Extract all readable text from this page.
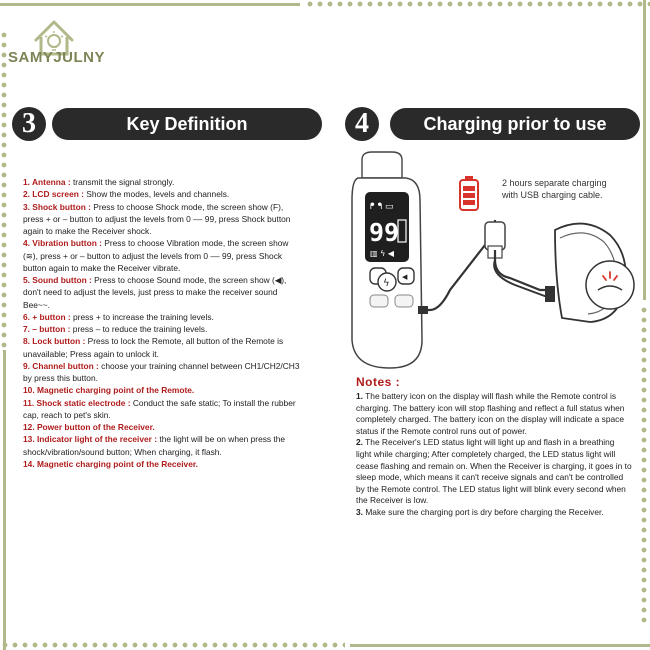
SAMYJULNY
3	Key Definition	4	Charging prior to use

1. Antenna : transmit the signal strongly.

2. LCD screen : Show the modes, levels and channels.

3. Shock button : Press to choose Shock mode, the screen show (F), press + or – button to adjust the levels from 0 –– 99, press Shock button again to make the Receiver shock.

4. Vibration button : Press to choose Vibration mode, the screen show (≋), press + or – button to adjust the levels from 0 –– 99, press Shock button again to make the Receiver vibrate.

5. Sound button : Press to choose Sound mode, the screen show (◀), don't need to adjust the levels, just press to make the receiver sound Bee~~.

6. + button : press + to increase the training levels.

7. – button : press – to reduce the training levels.

8. Lock button : Press to lock the Remote, all button of the Remote is unavailable; Press again to unlock it.

9. Channel button : choose your training channel between CH1/CH2/CH3 by press this button.

10. Magnetic charging point of the Remote.

11. Shock static electrode : Conduct the safe static; To install the rubber cap, reach to pet's skin.

12. Power button of the Receiver.

13. Indicator light of the receiver : the light will be on when press the shock/vibration/sound button; When charging, it flash.

14. Magnetic charging point of the Receiver.

ᖰ ᖳ ▭
99
▥ ϟ ◀
ϟ
◀
2 hours separate charging
with USB charging cable.
Notes :

1. The battery icon on the display will flash while the Remote control is charging. The battery icon will stop flashing and reflect a full status when completely charged. The battery icon on the display will indicate a space status if the Remote control runs out of power.

2. The Receiver's LED status light will light up and flash in a breathing light while charging; After completely charged, the LED status light will cease flashing and remain on. When the Receiver is charging, it goes in to sleep mode, which means it can't receive signals and can't be controlled by the Remote control. The LED status light will blink every second when the Receiver is low.

3. Make sure the charging port is dry before charging the Receiver.
